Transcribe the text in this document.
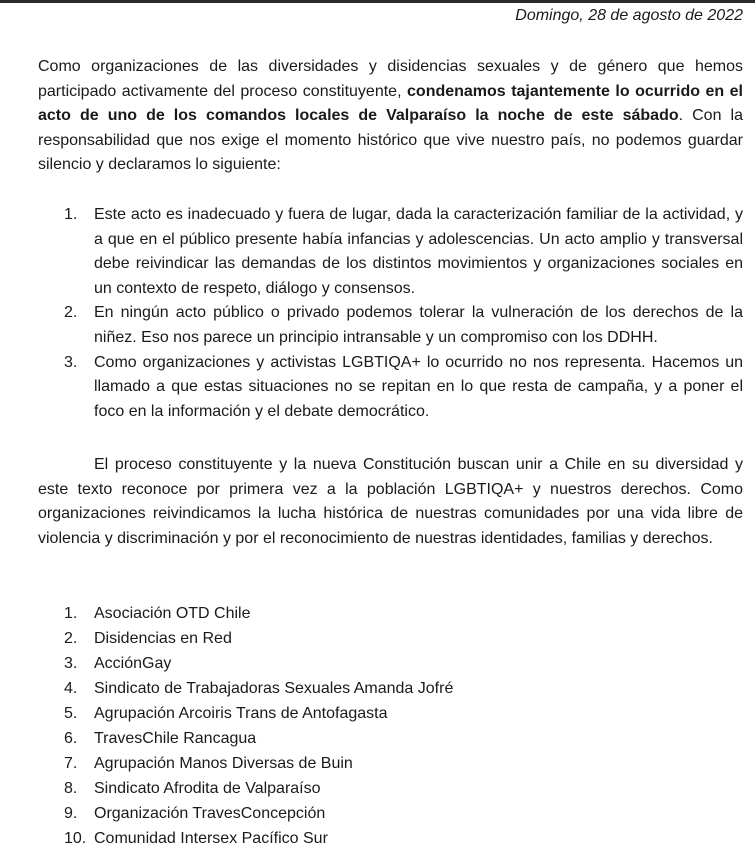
Domingo, 28 de agosto de 2022

Como organizaciones de las diversidades y disidencias sexuales y de género que hemos participado activamente del proceso constituyente, condenamos tajantemente lo ocurrido en el acto de uno de los comandos locales de Valparaíso la noche de este sábado. Con la responsabilidad que nos exige el momento histórico que vive nuestro país, no podemos guardar silencio y declaramos lo siguiente:

1.	Este acto es inadecuado y fuera de lugar, dada la caracterización familiar de la actividad, y a que en el público presente había infancias y adolescencias. Un acto amplio y transversal debe reivindicar las demandas de los distintos movimientos y organizaciones sociales en un contexto de respeto, diálogo y consensos.
2.	En ningún acto público o privado podemos tolerar la vulneración de los derechos de la niñez. Eso nos parece un principio intransable y un compromiso con los DDHH.
3.	Como organizaciones y activistas LGBTIQA+ lo ocurrido no nos representa. Hacemos un llamado a que estas situaciones no se repitan en lo que resta de campaña, y a poner el foco en la información y el debate democrático.

El proceso constituyente y la nueva Constitución buscan unir a Chile en su diversidad y este texto reconoce por primera vez a la población LGBTIQA+ y nuestros derechos. Como organizaciones reivindicamos la lucha histórica de nuestras comunidades por una vida libre de violencia y discriminación y por el reconocimiento de nuestras identidades, familias y derechos.

1.	Asociación OTD Chile
2.	Disidencias en Red
3.	AcciónGay
4.	Sindicato de Trabajadoras Sexuales Amanda Jofré
5.	Agrupación Arcoiris Trans de Antofagasta
6.	TravesChile Rancagua
7.	Agrupación Manos Diversas de Buin
8.	Sindicato Afrodita de Valparaíso
9.	Organización TravesConcepción
10. Comunidad Intersex Pacífico Sur
